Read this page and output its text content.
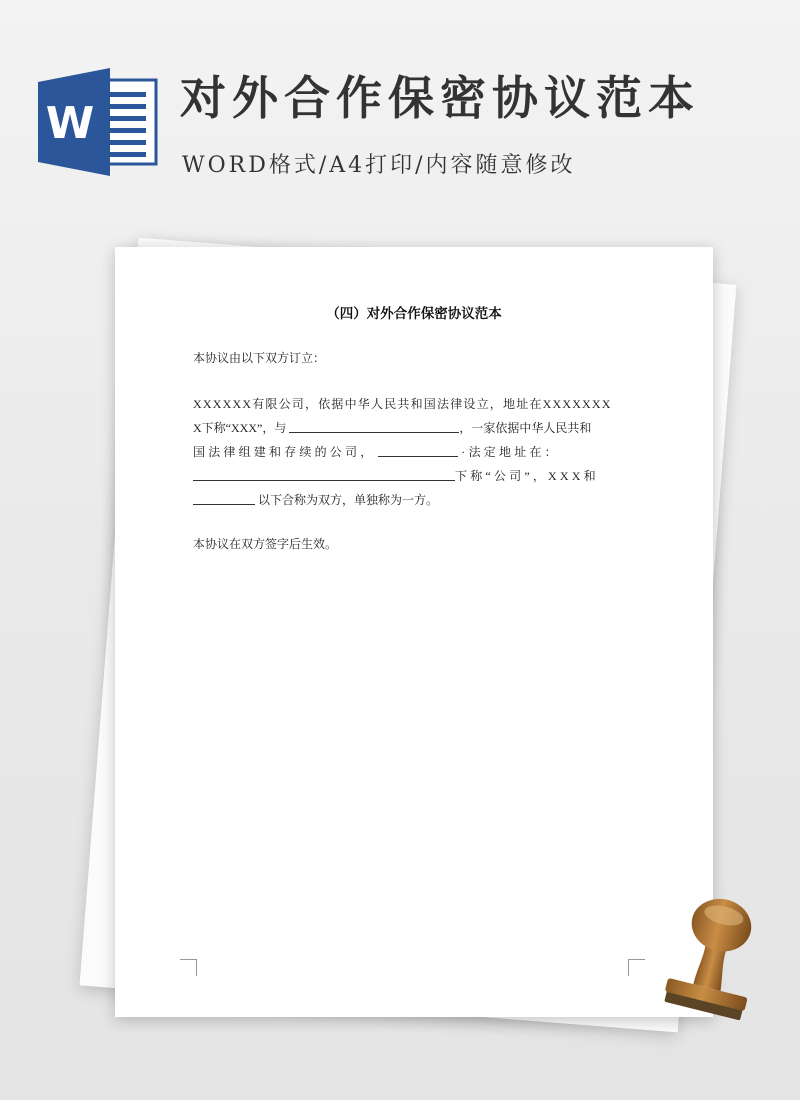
W 对外合作保密协议范本
WORD格式/A4打印/内容随意修改
（四）对外合作保密协议范本
本协议由以下双方订立：
XXXXXX有限公司，依据中华人民共和国法律设立，地址在XXXXXXX
X下称“XXX”，与	，一家依据中华人民共和
国法律组建和存续的公司，	·法定地址在：
下称“公司”，XXX和
以下合称为双方，单独称为一方。
本协议在双方签字后生效。
